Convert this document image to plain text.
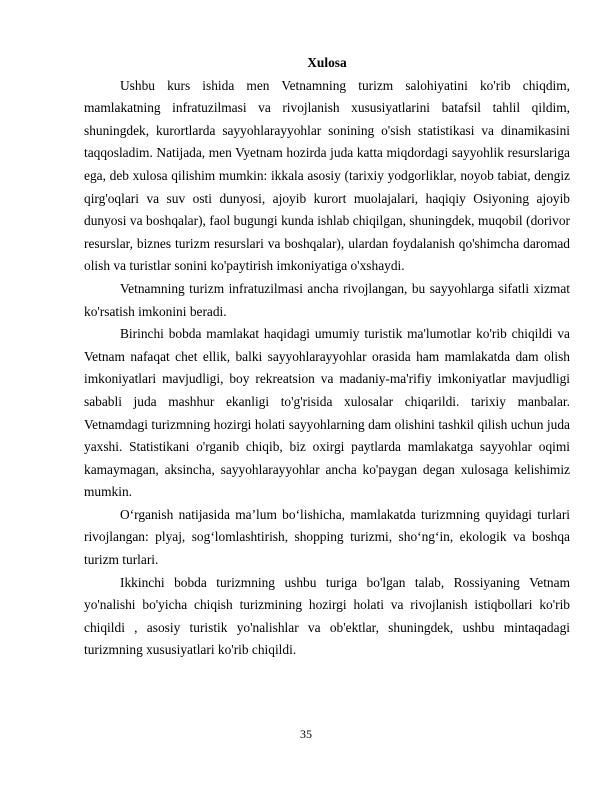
Xulosa

Ushbu kurs ishida men Vetnamning turizm salohiyatini ko'rib chiqdim, mamlakatning infratuzilmasi va rivojlanish xususiyatlarini batafsil tahlil qildim, shuningdek, kurortlarda sayyohlarayyohlar sonining o'sish statistikasi va dinamikasini taqqosladim. Natijada, men Vyetnam hozirda juda katta miqdordagi sayyohlik resurslariga ega, deb xulosa qilishim mumkin: ikkala asosiy (tarixiy yodgorliklar, noyob tabiat, dengiz qirg'oqlari va suv osti dunyosi, ajoyib kurort muolajalari, haqiqiy Osiyoning ajoyib dunyosi va boshqalar), faol bugungi kunda ishlab chiqilgan, shuningdek, muqobil (dorivor resurslar, biznes turizm resurslari va boshqalar), ulardan foydalanish qo'shimcha daromad olish va turistlar sonini ko'paytirish imkoniyatiga o'xshaydi.

Vetnamning turizm infratuzilmasi ancha rivojlangan, bu sayyohlarga sifatli xizmat ko'rsatish imkonini beradi.

Birinchi bobda mamlakat haqidagi umumiy turistik ma'lumotlar ko'rib chiqildi va Vetnam nafaqat chet ellik, balki sayyohlarayyohlar orasida ham mamlakatda dam olish imkoniyatlari mavjudligi, boy rekreatsion va madaniy-ma'rifiy imkoniyatlar mavjudligi sababli juda mashhur ekanligi to'g'risida xulosalar chiqarildi. tarixiy manbalar. Vetnamdagi turizmning hozirgi holati sayyohlarning dam olishini tashkil qilish uchun juda yaxshi. Statistikani o'rganib chiqib, biz oxirgi paytlarda mamlakatga sayyohlar oqimi kamaymagan, aksincha, sayyohlarayyohlar ancha ko'paygan degan xulosaga kelishimiz mumkin.

O‘rganish natijasida ma’lum bo‘lishicha, mamlakatda turizmning quyidagi turlari rivojlangan: plyaj, sog‘lomlashtirish, shopping turizmi, sho‘ng‘in, ekologik va boshqa turizm turlari.

Ikkinchi bobda turizmning ushbu turiga bo'lgan talab, Rossiyaning Vetnam yo'nalishi bo'yicha chiqish turizmining hozirgi holati va rivojlanish istiqbollari ko'rib chiqildi , asosiy turistik yo'nalishlar va ob'ektlar, shuningdek, ushbu mintaqadagi turizmning xususiyatlari ko'rib chiqildi.

35
